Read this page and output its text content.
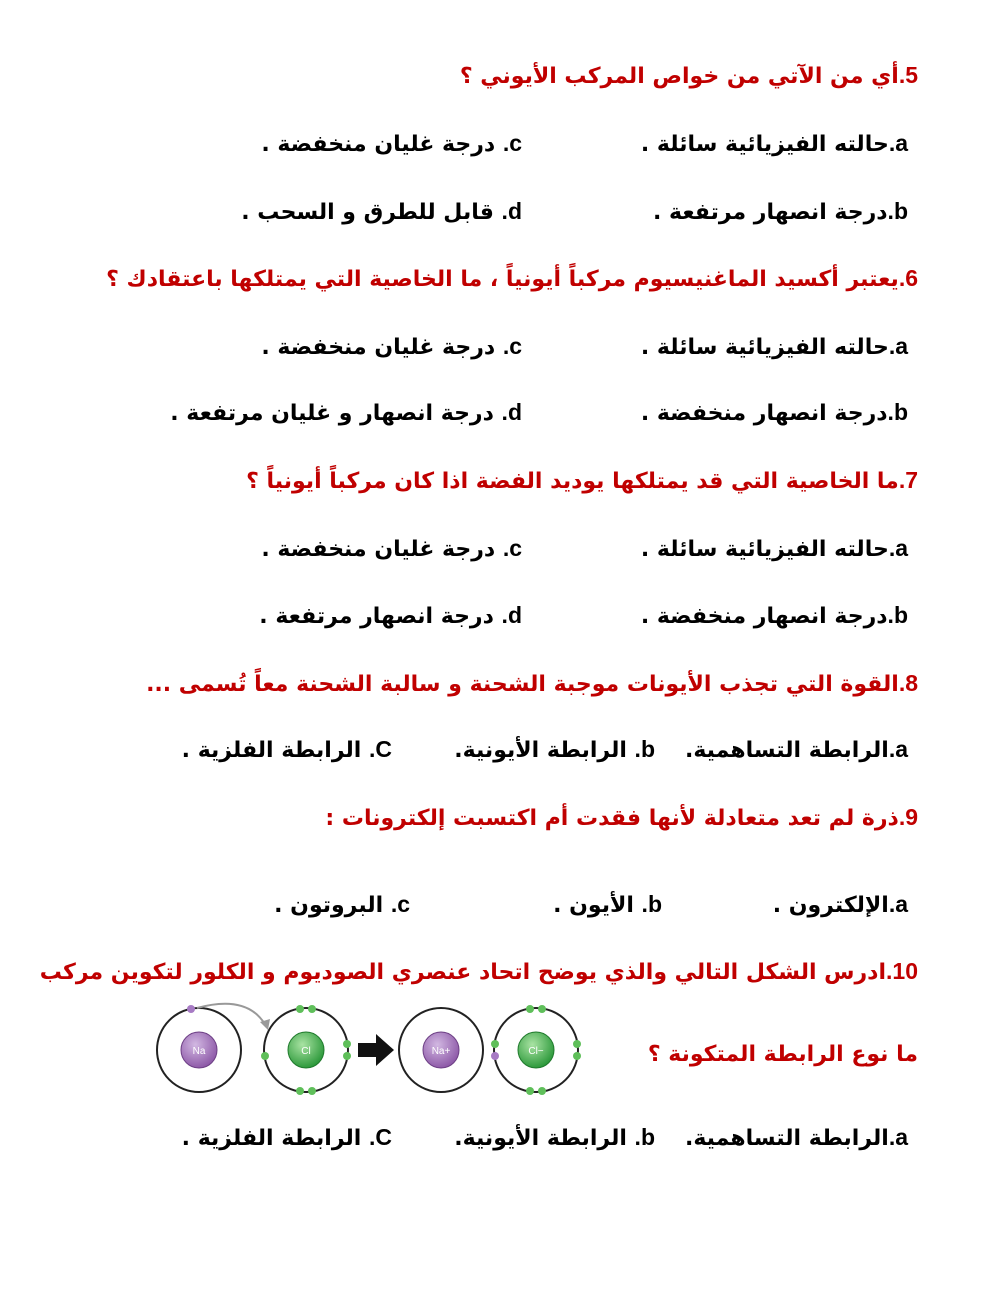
5.أي من الآتي من خواص المركب الأيوني ؟
a.حالته الفيزيائية سائلة .
c. درجة غليان منخفضة .
b.درجة انصهار مرتفعة .
d. قابل للطرق و السحب .
6.يعتبر أكسيد الماغنيسيوم مركباً أيونياً ، ما الخاصية التي يمتلكها باعتقادك ؟
a.حالته الفيزيائية سائلة .
c. درجة غليان منخفضة .
b.درجة انصهار منخفضة .
d. درجة انصهار و غليان مرتفعة .
7.ما الخاصية التي قد يمتلكها يوديد الفضة اذا كان مركباً أيونياً ؟
a.حالته الفيزيائية سائلة .
c. درجة غليان منخفضة .
b.درجة انصهار منخفضة .
d. درجة انصهار مرتفعة .
8.القوة التي تجذب الأيونات موجبة الشحنة و سالبة الشحنة معاً تُسمى ...
a.الرابطة التساهمية.
b. الرابطة الأيونية.
C. الرابطة الفلزية .
9.ذرة لم تعد متعادلة لأنها فقدت أم اكتسبت إلكترونات :
a.الإلكترون .
b. الأيون .
c. البروتون .
10.ادرس الشكل التالي والذي يوضح اتحاد عنصري الصوديوم و الكلور لتكوين مركب
ما نوع الرابطة المتكونة ؟
Na	Cl	Na+	Cl−
a.الرابطة التساهمية.
b. الرابطة الأيونية.
C. الرابطة الفلزية .
